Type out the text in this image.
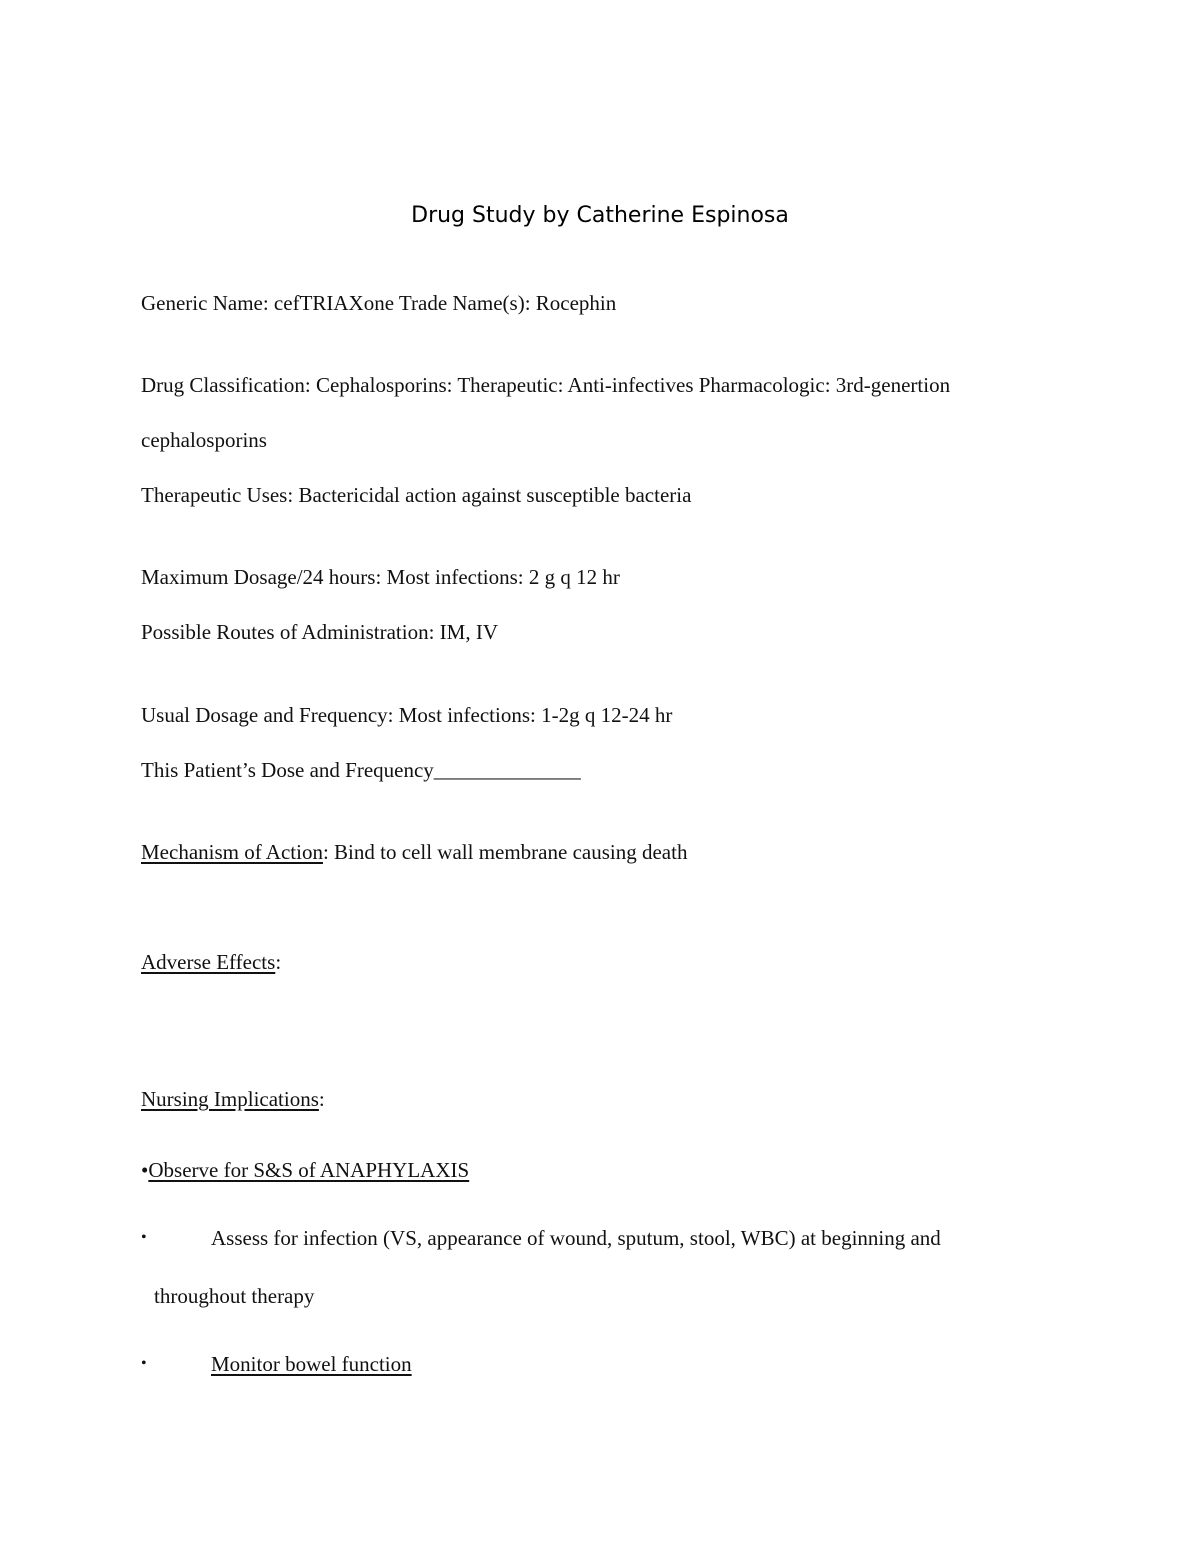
Drug Study by Catherine Espinosa
Generic Name: cefTRIAXone Trade Name(s): Rocephin
Drug Classification: Cephalosporins: Therapeutic: Anti-infectives Pharmacologic: 3rd-genertion
cephalosporins
Therapeutic Uses: Bactericidal action against susceptible bacteria
Maximum Dosage/24 hours: Most infections: 2 g q 12 hr
Possible Routes of Administration: IM, IV
Usual Dosage and Frequency: Most infections: 1-2g q 12-24 hr
This Patient’s Dose and Frequency______________
Mechanism of Action: Bind to cell wall membrane causing death
Adverse Effects:
Nursing Implications:
•Observe for S&S of ANAPHYLAXIS
•	Assess for infection (VS, appearance of wound, sputum, stool, WBC) at beginning and
throughout therapy
•	Monitor bowel function
